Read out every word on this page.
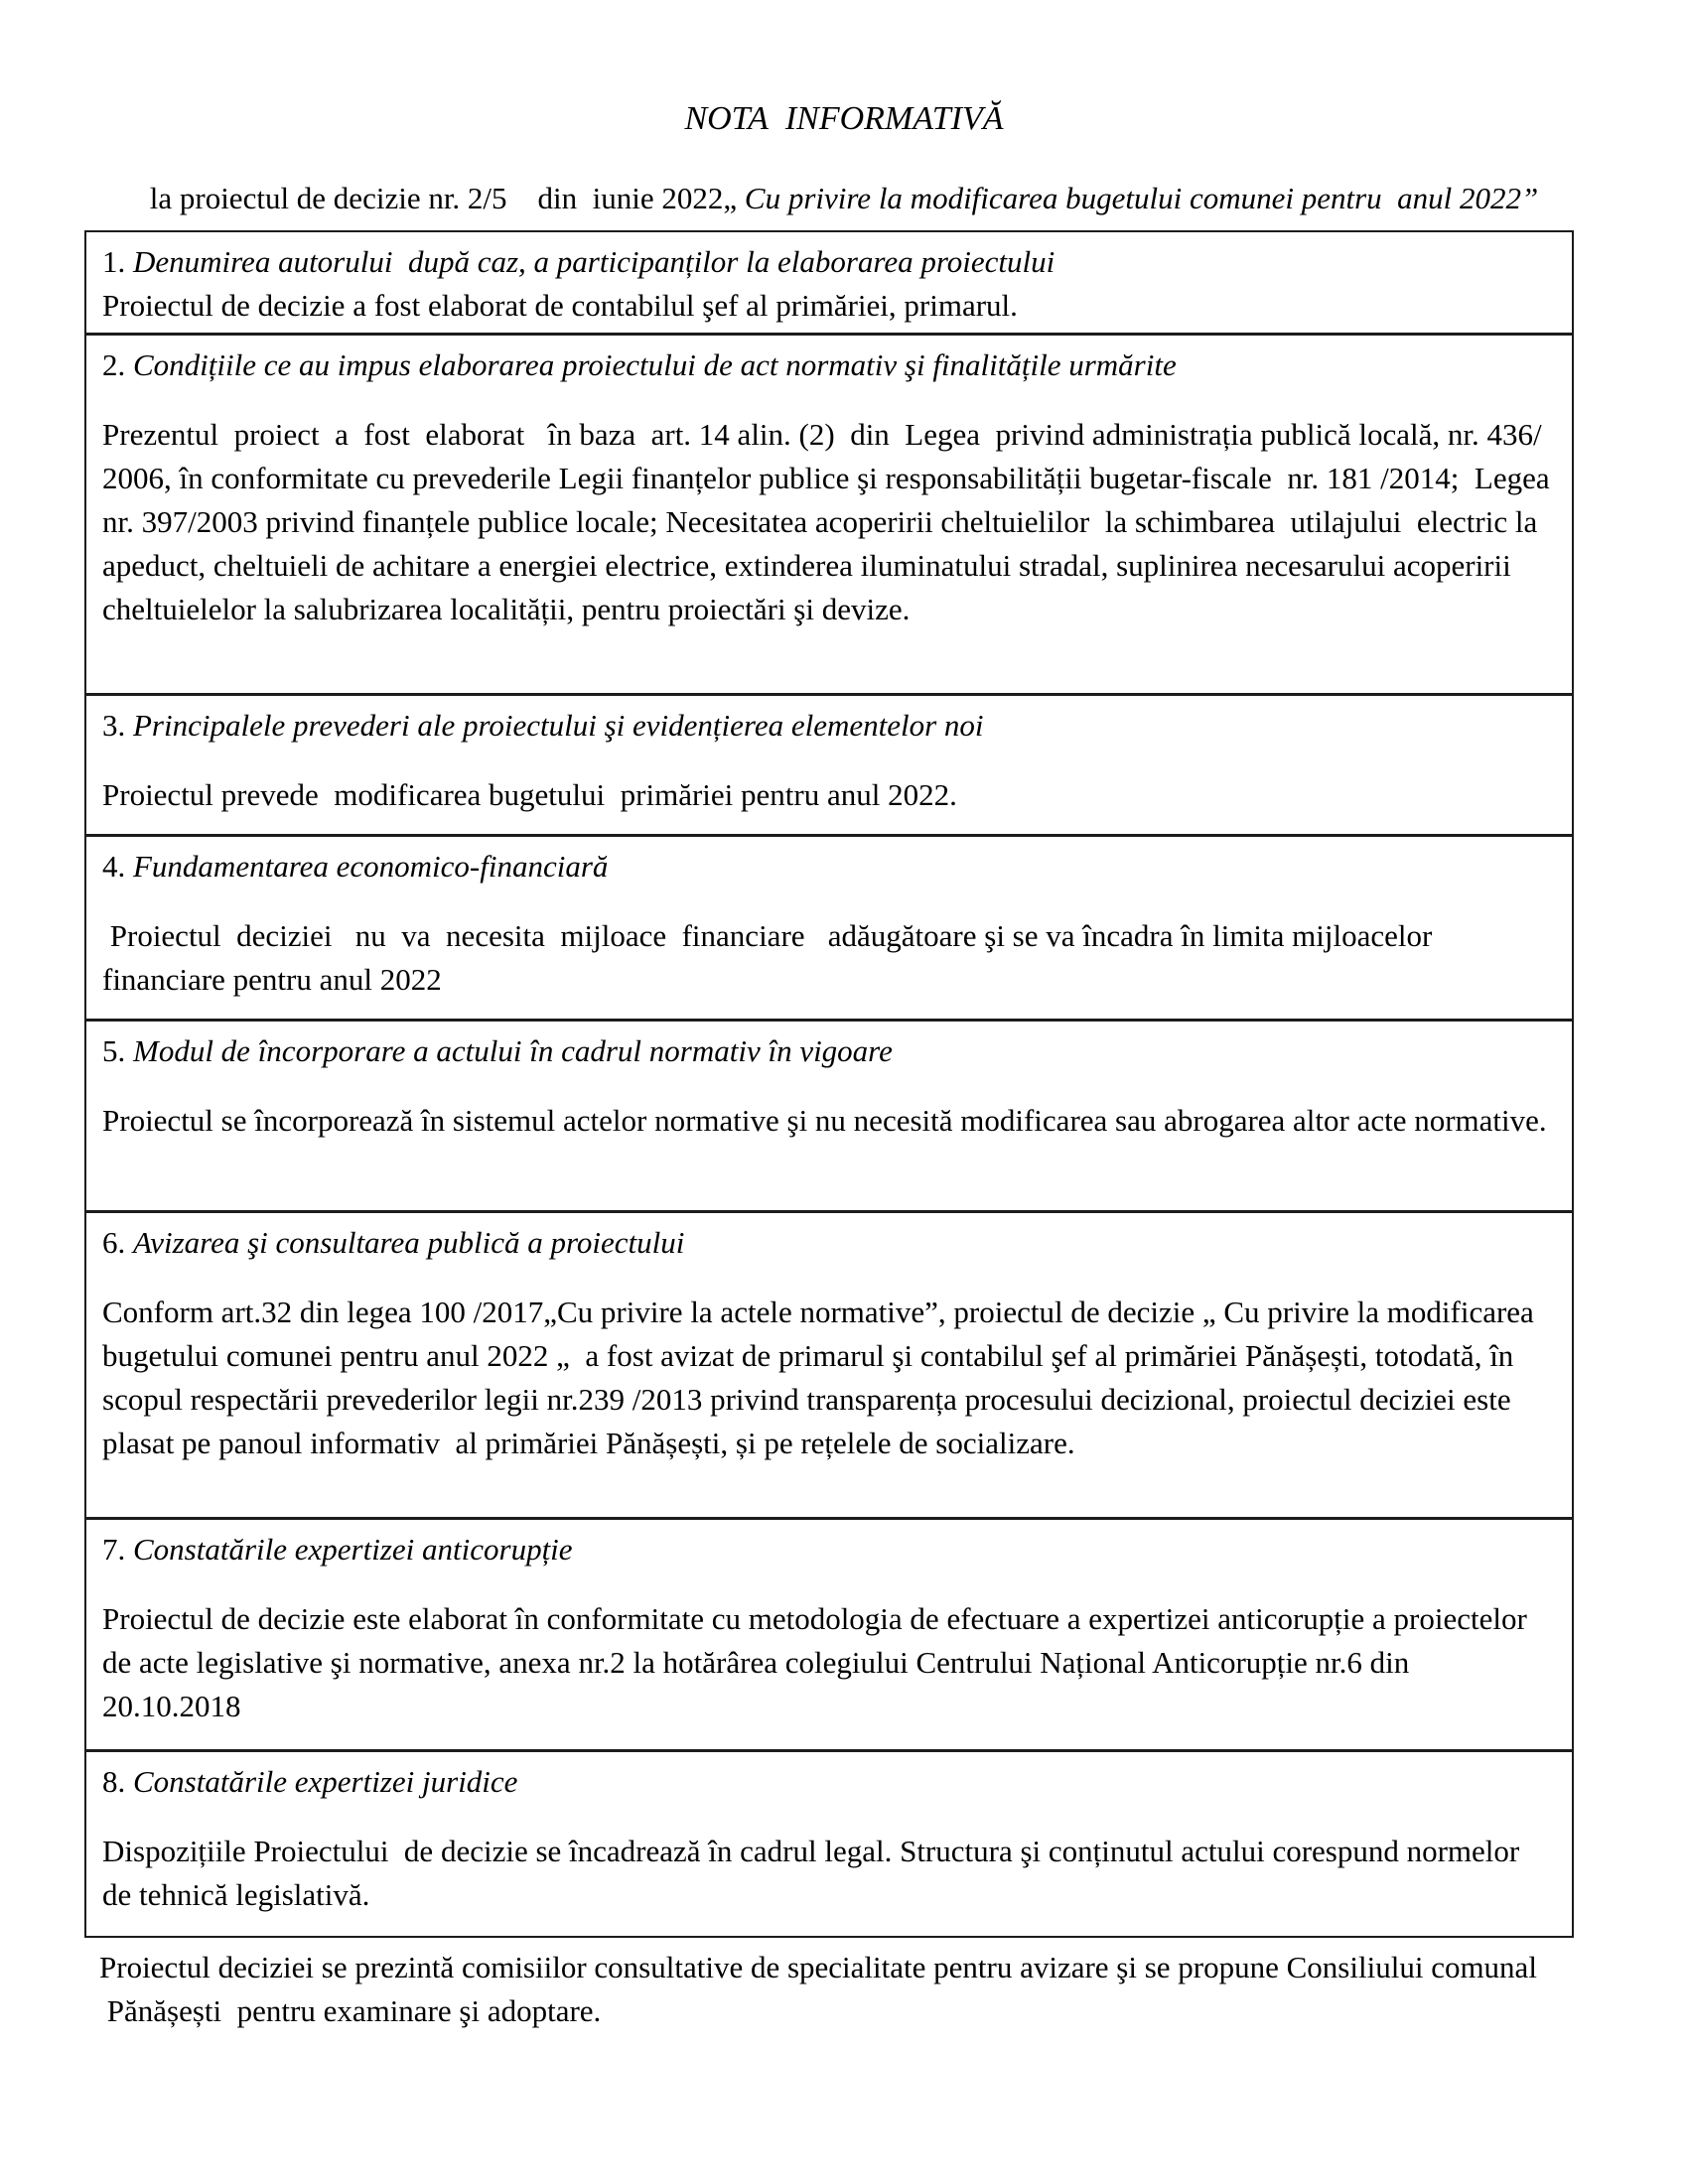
NOTA  INFORMATIVĂ
la proiectul de decizie nr. 2/5    din  iunie 2022„ Cu privire la modificarea bugetului comunei pentru  anul 2022”
1. Denumirea autorului  după caz, a participanților la elaborarea proiectului
Proiectul de decizie a fost elaborat de contabilul şef al primăriei, primarul.
2. Condițiile ce au impus elaborarea proiectului de act normativ şi finalitățile urmărite
Prezentul  proiect  a  fost  elaborat   în baza  art. 14 alin. (2)  din  Legea  privind administrația publică locală, nr. 436/ 2006, în conformitate cu prevederile Legii finanțelor publice şi responsabilității bugetar-fiscale  nr. 181 /2014;  Legea nr. 397/2003 privind finanțele publice locale; Necesitatea acoperirii cheltuielilor  la schimbarea  utilajului  electric la apeduct, cheltuieli de achitare a energiei electrice, extinderea iluminatului stradal, suplinirea necesarului acoperirii cheltuielelor la salubrizarea localității, pentru proiectări şi devize.
3. Principalele prevederi ale proiectului şi evidențierea elementelor noi
Proiectul prevede  modificarea bugetului  primăriei pentru anul 2022.
4. Fundamentarea economico-financiară
Proiectul  deciziei   nu  va  necesita  mijloace  financiare   adăugătoare şi se va încadra în limita mijloacelor financiare pentru anul 2022
5. Modul de încorporare a actului în cadrul normativ în vigoare
Proiectul se încorporează în sistemul actelor normative şi nu necesită modificarea sau abrogarea altor acte normative.
6. Avizarea şi consultarea publică a proiectului
Conform art.32 din legea 100 /2017„Cu privire la actele normative”, proiectul de decizie „ Cu privire la modificarea bugetului comunei pentru anul 2022 „  a fost avizat de primarul şi contabilul şef al primăriei Pănășești, totodată, în scopul respectării prevederilor legii nr.239 /2013 privind transparența procesului decizional, proiectul deciziei este plasat pe panoul informativ  al primăriei Pănășești, și pe rețelele de socializare.
7. Constatările expertizei anticorupție
Proiectul de decizie este elaborat în conformitate cu metodologia de efectuare a expertizei anticorupție a proiectelor de acte legislative şi normative, anexa nr.2 la hotărârea colegiului Centrului Național Anticorupție nr.6 din 20.10.2018
8. Constatările expertizei juridice
Dispozițiile Proiectului  de decizie se încadrează în cadrul legal. Structura şi conținutul actului corespund normelor de tehnică legislativă.
Proiectul deciziei se prezintă comisiilor consultative de specialitate pentru avizare şi se propune Consiliului comunal  Pănășești  pentru examinare şi adoptare.
